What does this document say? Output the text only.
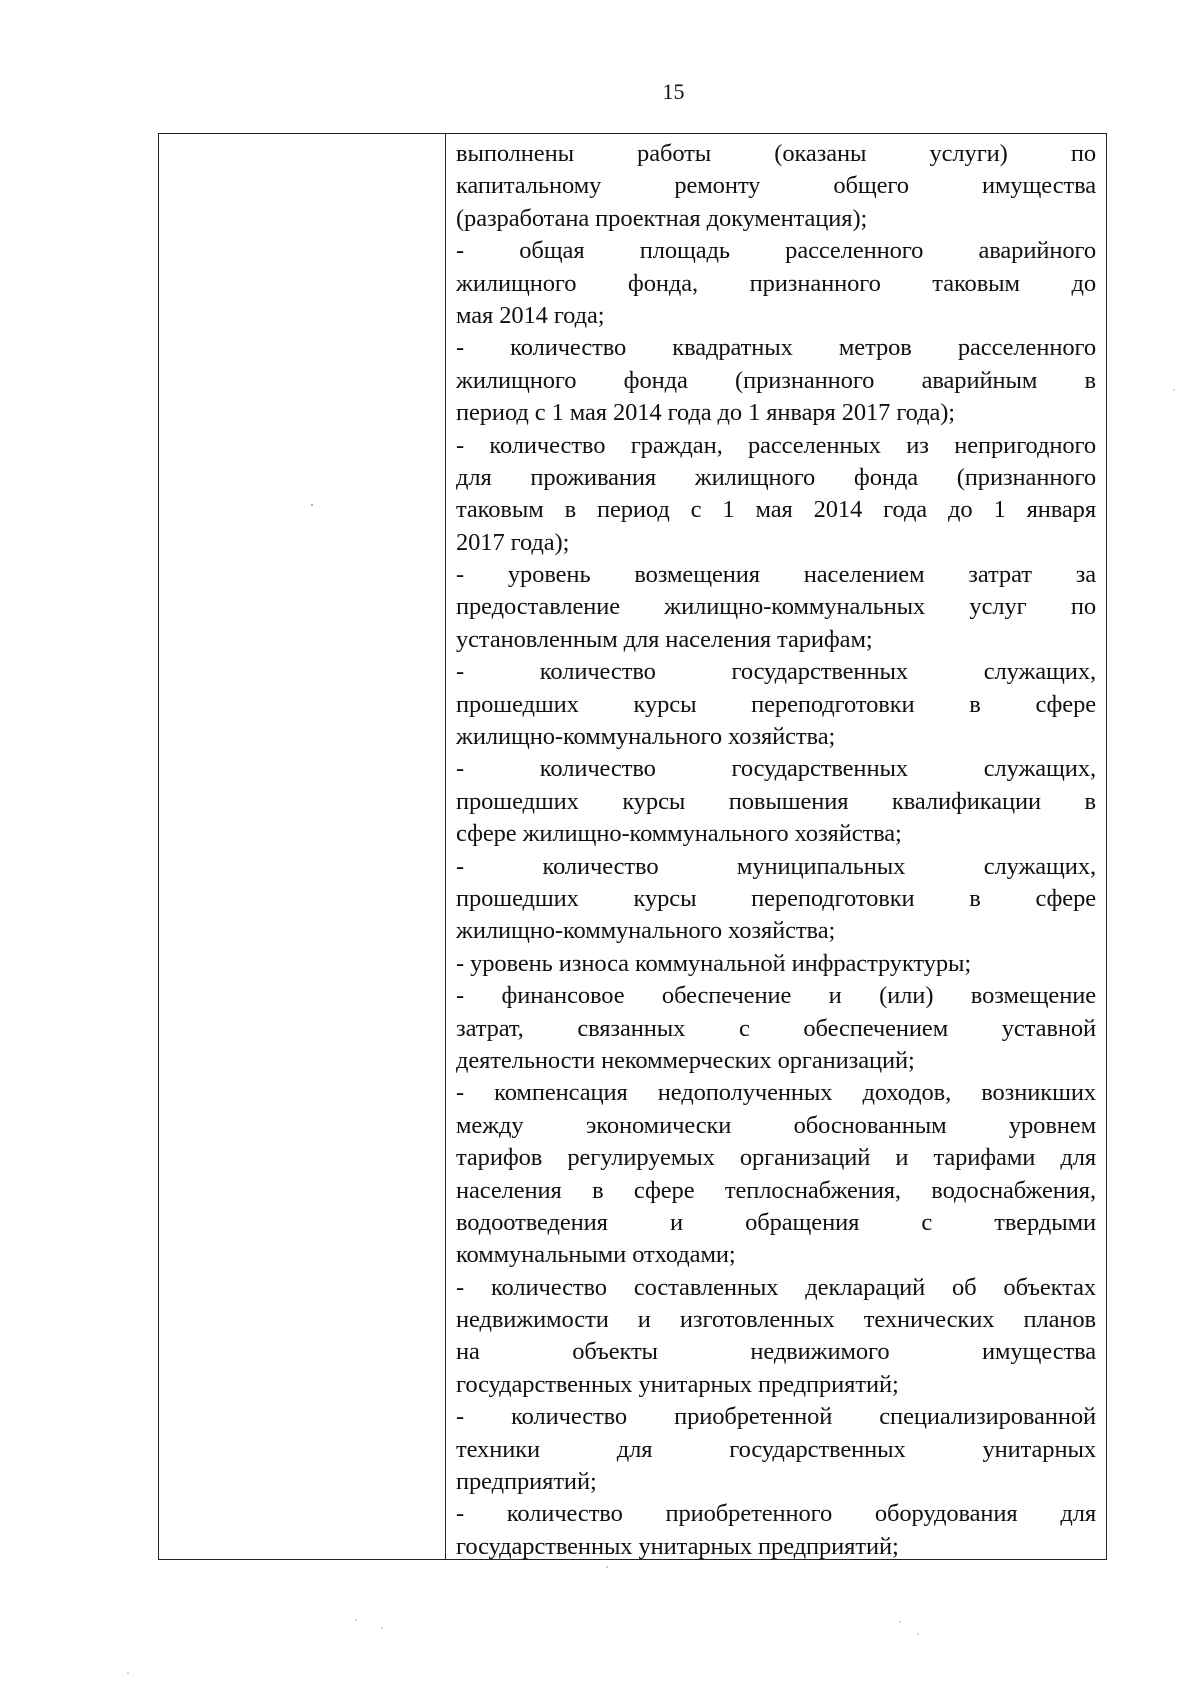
15
выполнены работы (оказаны услуги) по
капитальному ремонту общего имущества
(разработана проектная документация);
- общая площадь расселенного аварийного
жилищного фонда, признанного таковым до
мая 2014 года;
- количество квадратных метров расселенного
жилищного фонда (признанного аварийным в
период с 1 мая 2014 года до 1 января 2017 года);
- количество граждан, расселенных из непригодного
для проживания жилищного фонда (признанного
таковым в период с 1 мая 2014 года до 1 января
2017 года);
- уровень возмещения населением затрат за
предоставление жилищно-коммунальных услуг по
установленным для населения тарифам;
- количество государственных служащих,
прошедших курсы переподготовки в сфере
жилищно-коммунального хозяйства;
- количество государственных служащих,
прошедших курсы повышения квалификации в
сфере жилищно-коммунального хозяйства;
- количество муниципальных служащих,
прошедших курсы переподготовки в сфере
жилищно-коммунального хозяйства;
- уровень износа коммунальной инфраструктуры;
- финансовое обеспечение и (или) возмещение
затрат, связанных с обеспечением уставной
деятельности некоммерческих организаций;
- компенсация недополученных доходов, возникших
между экономически обоснованным уровнем
тарифов регулируемых организаций и тарифами для
населения в сфере теплоснабжения, водоснабжения,
водоотведения и обращения с твердыми
коммунальными отходами;
- количество составленных деклараций об объектах
недвижимости и изготовленных технических планов
на объекты недвижимого имущества
государственных унитарных предприятий;
- количество приобретенной специализированной
техники для государственных унитарных
предприятий;
- количество приобретенного оборудования для
государственных унитарных предприятий;
